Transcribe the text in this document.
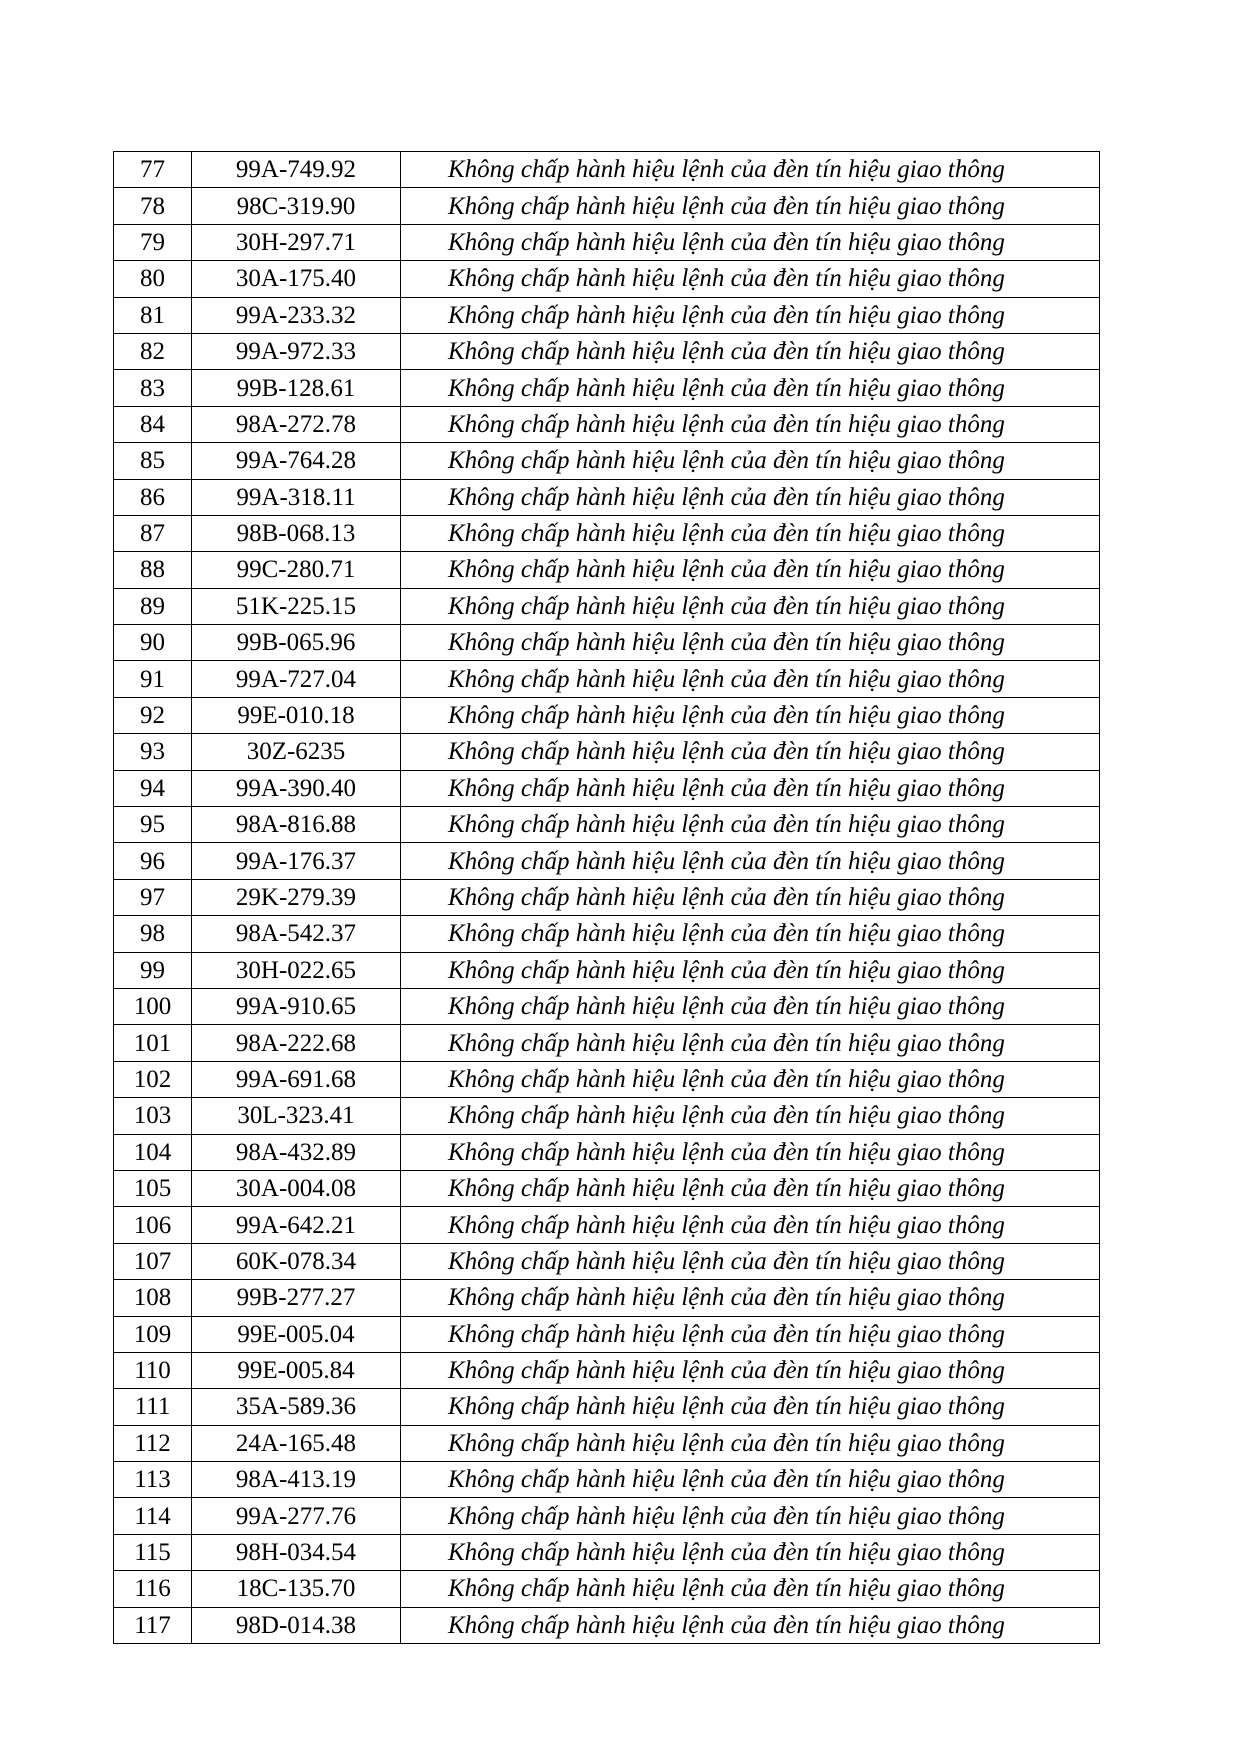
77	99A-749.92	Không chấp hành hiệu lệnh của đèn tín hiệu giao thông
78	98C-319.90	Không chấp hành hiệu lệnh của đèn tín hiệu giao thông
79	30H-297.71	Không chấp hành hiệu lệnh của đèn tín hiệu giao thông
80	30A-175.40	Không chấp hành hiệu lệnh của đèn tín hiệu giao thông
81	99A-233.32	Không chấp hành hiệu lệnh của đèn tín hiệu giao thông
82	99A-972.33	Không chấp hành hiệu lệnh của đèn tín hiệu giao thông
83	99B-128.61	Không chấp hành hiệu lệnh của đèn tín hiệu giao thông
84	98A-272.78	Không chấp hành hiệu lệnh của đèn tín hiệu giao thông
85	99A-764.28	Không chấp hành hiệu lệnh của đèn tín hiệu giao thông
86	99A-318.11	Không chấp hành hiệu lệnh của đèn tín hiệu giao thông
87	98B-068.13	Không chấp hành hiệu lệnh của đèn tín hiệu giao thông
88	99C-280.71	Không chấp hành hiệu lệnh của đèn tín hiệu giao thông
89	51K-225.15	Không chấp hành hiệu lệnh của đèn tín hiệu giao thông
90	99B-065.96	Không chấp hành hiệu lệnh của đèn tín hiệu giao thông
91	99A-727.04	Không chấp hành hiệu lệnh của đèn tín hiệu giao thông
92	99E-010.18	Không chấp hành hiệu lệnh của đèn tín hiệu giao thông
93	30Z-6235	Không chấp hành hiệu lệnh của đèn tín hiệu giao thông
94	99A-390.40	Không chấp hành hiệu lệnh của đèn tín hiệu giao thông
95	98A-816.88	Không chấp hành hiệu lệnh của đèn tín hiệu giao thông
96	99A-176.37	Không chấp hành hiệu lệnh của đèn tín hiệu giao thông
97	29K-279.39	Không chấp hành hiệu lệnh của đèn tín hiệu giao thông
98	98A-542.37	Không chấp hành hiệu lệnh của đèn tín hiệu giao thông
99	30H-022.65	Không chấp hành hiệu lệnh của đèn tín hiệu giao thông
100	99A-910.65	Không chấp hành hiệu lệnh của đèn tín hiệu giao thông
101	98A-222.68	Không chấp hành hiệu lệnh của đèn tín hiệu giao thông
102	99A-691.68	Không chấp hành hiệu lệnh của đèn tín hiệu giao thông
103	30L-323.41	Không chấp hành hiệu lệnh của đèn tín hiệu giao thông
104	98A-432.89	Không chấp hành hiệu lệnh của đèn tín hiệu giao thông
105	30A-004.08	Không chấp hành hiệu lệnh của đèn tín hiệu giao thông
106	99A-642.21	Không chấp hành hiệu lệnh của đèn tín hiệu giao thông
107	60K-078.34	Không chấp hành hiệu lệnh của đèn tín hiệu giao thông
108	99B-277.27	Không chấp hành hiệu lệnh của đèn tín hiệu giao thông
109	99E-005.04	Không chấp hành hiệu lệnh của đèn tín hiệu giao thông
110	99E-005.84	Không chấp hành hiệu lệnh của đèn tín hiệu giao thông
111	35A-589.36	Không chấp hành hiệu lệnh của đèn tín hiệu giao thông
112	24A-165.48	Không chấp hành hiệu lệnh của đèn tín hiệu giao thông
113	98A-413.19	Không chấp hành hiệu lệnh của đèn tín hiệu giao thông
114	99A-277.76	Không chấp hành hiệu lệnh của đèn tín hiệu giao thông
115	98H-034.54	Không chấp hành hiệu lệnh của đèn tín hiệu giao thông
116	18C-135.70	Không chấp hành hiệu lệnh của đèn tín hiệu giao thông
117	98D-014.38	Không chấp hành hiệu lệnh của đèn tín hiệu giao thông
